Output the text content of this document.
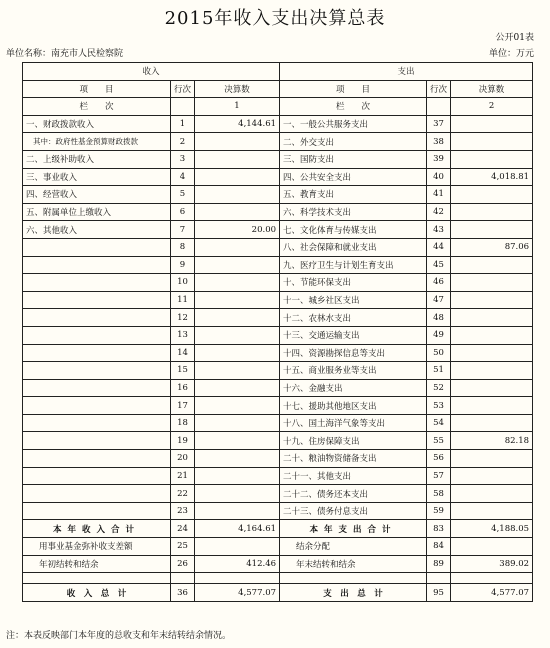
2015年收入支出决算总表
公开01表
单位名称：南充市人民检察院	单位：万元
收入			支出		
项　　目	行次	决算数	项　　目	行次	决算数
栏　　次		1	栏　　次		2
一、财政拨款收入	1	4,144.61	一、一般公共服务支出	37	
其中：政府性基金预算财政拨款	2		二、外交支出	38	
二、上级补助收入	3		三、国防支出	39	
三、事业收入	4		四、公共安全支出	40	4,018.81
四、经营收入	5		五、教育支出	41	
五、附属单位上缴收入	6		六、科学技术支出	42	
六、其他收入	7	20.00	七、文化体育与传媒支出	43	
	8		八、社会保障和就业支出	44	87.06
	9		九、医疗卫生与计划生育支出	45	
	10		十、节能环保支出	46	
	11		十一、城乡社区支出	47	
	12		十二、农林水支出	48	
	13		十三、交通运输支出	49	
	14		十四、资源勘探信息等支出	50	
	15		十五、商业服务业等支出	51	
	16		十六、金融支出	52	
	17		十七、援助其他地区支出	53	
	18		十八、国土海洋气象等支出	54	
	19		十九、住房保障支出	55	82.18
	20		二十、粮油物资储备支出	56	
	21		二十一、其他支出	57	
	22		二十二、债务还本支出	58	
	23		二十三、债务付息支出	59	
本年收入合计	24	4,164.61	本年支出合计	83	4,188.05
用事业基金弥补收支差额	25		结余分配	84	
年初结转和结余	26	412.46	年末结转和结余	89	389.02

收　入　总　计	36	4,577.07	支　出　总　计	95	4,577.07
注：本表反映部门本年度的总收支和年末结转结余情况。
